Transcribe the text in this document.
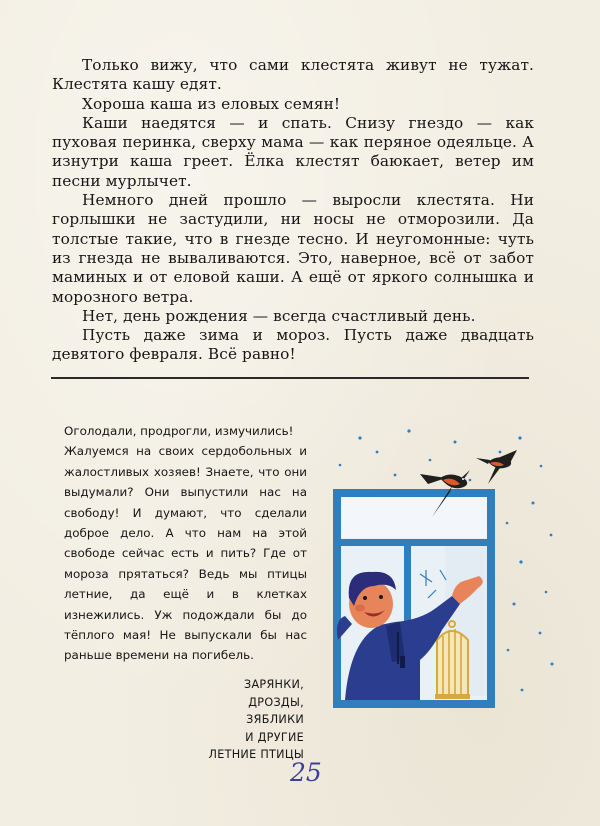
Только вижу, что сами клестята живут не тужат. Клестята кашу едят.

Хороша каша из еловых семян!

Каши наедятся — и спать. Снизу гнездо — как пуховая перинка, сверху мама — как перяное одеяльце. А изнутри каша греет. Ёлка клестят баюкает, ветер им песни мурлычет.

Немного дней прошло — выросли клестята. Ни горлышки не застудили, ни носы не отморозили. Да толстые такие, что в гнезде тесно. И неугомонные: чуть из гнезда не вываливаются. Это, наверное, всё от забот маминых и от еловой каши. А ещё от яркого солнышка и морозного ветра.

Нет, день рождения — всегда счастливый день.

Пусть даже зима и мороз. Пусть даже двадцать девятого февраля. Всё равно!

Оголодали, продрогли, измучились!

Жалуемся на своих сердобольных и жалостливых хозяев! Знаете, что они выдумали? Они выпустили нас на свободу! И думают, что сделали доброе дело. А что нам на этой свободе сейчас есть и пить? Где от мороза прятаться? Ведь мы птицы летние, да ещё и в клетках изнежились. Уж подождали бы до тёплого мая! Не выпускали бы нас раньше времени на погибель.

ЗАРЯНКИ,
ДРОЗДЫ, ЗЯБЛИКИ
И ДРУГИЕ ЛЕТНИЕ ПТИЦЫ
25
